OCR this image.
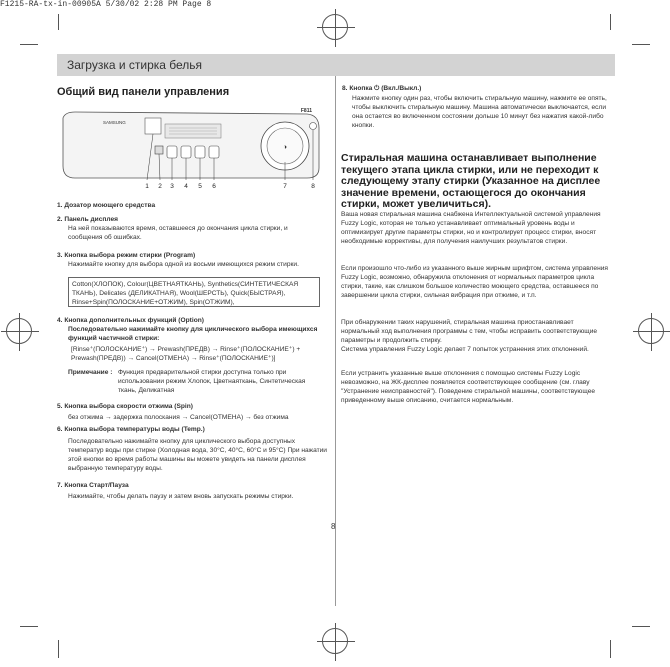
F1215-RA-tx-in-00905A 5/30/02 2:28 PM Page 8
Загрузка и стирка белья
Общий вид панели управления
SAMSUNG
F811
◑
1 2 3 4 5 6	7	8
1. Дозатор моющего средства
2. Панель дисплея
На ней показываются время, оставшееся до окончания цикла стирки, и сообщения об ошибках.
3. Кнопка выбора режим стирки (Program)
Нажимайте кнопку для выбора одной из восьми имеющихся режим стирки.
Cotton(ХЛОПОК), Colour(ЦВЕТНАЯТКАНЬ), Synthetics(СИНТЕТИЧЕСКАЯ ТКАНЬ), Delicates (ДЕЛИКАТНАЯ), Wool(ШЕРСТЬ), Quick(БЫСТРАЯ), Rinse+Spin(ПОЛОСКАНИЕ+ОТЖИМ), Spin(ОТЖИМ),
4. Кнопка дополнительных функций (Option)
Последовательно нажимайте кнопку для циклического выбора имеющихся функций частичной стирки:
[Rinse⁺(ПОЛОСКАНИЕ⁺) → Prewash(ПРЕДВ) → Rinse⁺(ПОЛОСКАНИЕ⁺) + Prewash(ПРЕДВ)) → Cancel(ОТМЕНА) → Rinse⁺(ПОЛОСКАНИЕ⁺)]
Примечание : Функция предварительной стирки доступна только при использовании режим Хлопок, Цветнаяткань, Синтетическая ткань, Деликатная
5. Кнопка выбора скорости отжима (Spin)
без отжима → задержка полоскания → Cancel(ОТМЕНА) → без отжима
6. Кнопка выбора температуры воды (Temp.)
Последовательно нажимайте кнопку для циклического выбора доступных температур воды при стирке (Холодная вода, 30°С, 40°С, 60°С и 95°С) При нажатии этой кнопки во время работы машины вы можете увидеть на панели дисплея выбранную температуру воды.
7. Кнопка Старт/Пауза
Нажимайте, чтобы делать паузу и затем вновь запускать режимы стирки.
8. Кнопка ⏻ (Вкл./Выкл.)
Нажмите кнопку один раз, чтобы включить стиральную машину, нажмите ее опять, чтобы выключить стиральную машину. Машина автоматически выключается, если она остается во включенном состоянии дольше 10 минут без нажатия какой-либо кнопки.
Стиральная машина останавливает выполнение текущего этапа цикла стирки, или не переходит к следующему этапу стирки (Указанное на дисплее значение времени, остающегося до окончания стирки, может увеличиться).
Ваша новая стиральная машина снабжена Интеллектуальной системой управления Fuzzy Logic, которая не только устанавливает оптимальный уровень воды и оптимизирует другие параметры стирки, но и контролирует процесс стирки, вносят необходимые коррективы, для получения наилучших результатов стирки.
Если произошло что-либо из указанного выше жирным шрифтом, система управления Fuzzy Logic, возможно, обнаружила отклонения от нормальных параметров цикла стирки, такие, как слишком большое количество моющего средства, оставшееся по завершении цикла стирки, сильная вибрация при отжиме, и т.п.
При обнаружении таких нарушений, стиральная машина приостанавливает нормальный ход выполнения программы с тем, чтобы исправить соответствующие параметры и продолжить стирку.
Система управления Fuzzy Logic делает 7 попыток устранения этих отклонений.
Если устранить указанные выше отклонения с помощью системы Fuzzy Logic невозможно, на ЖК-дисплее появляется соответствующее сообщение (см. главу "Устранение неисправностей"). Поведение стиральной машины, соответствующее приведенному выше описанию, считается нормальным.
8
